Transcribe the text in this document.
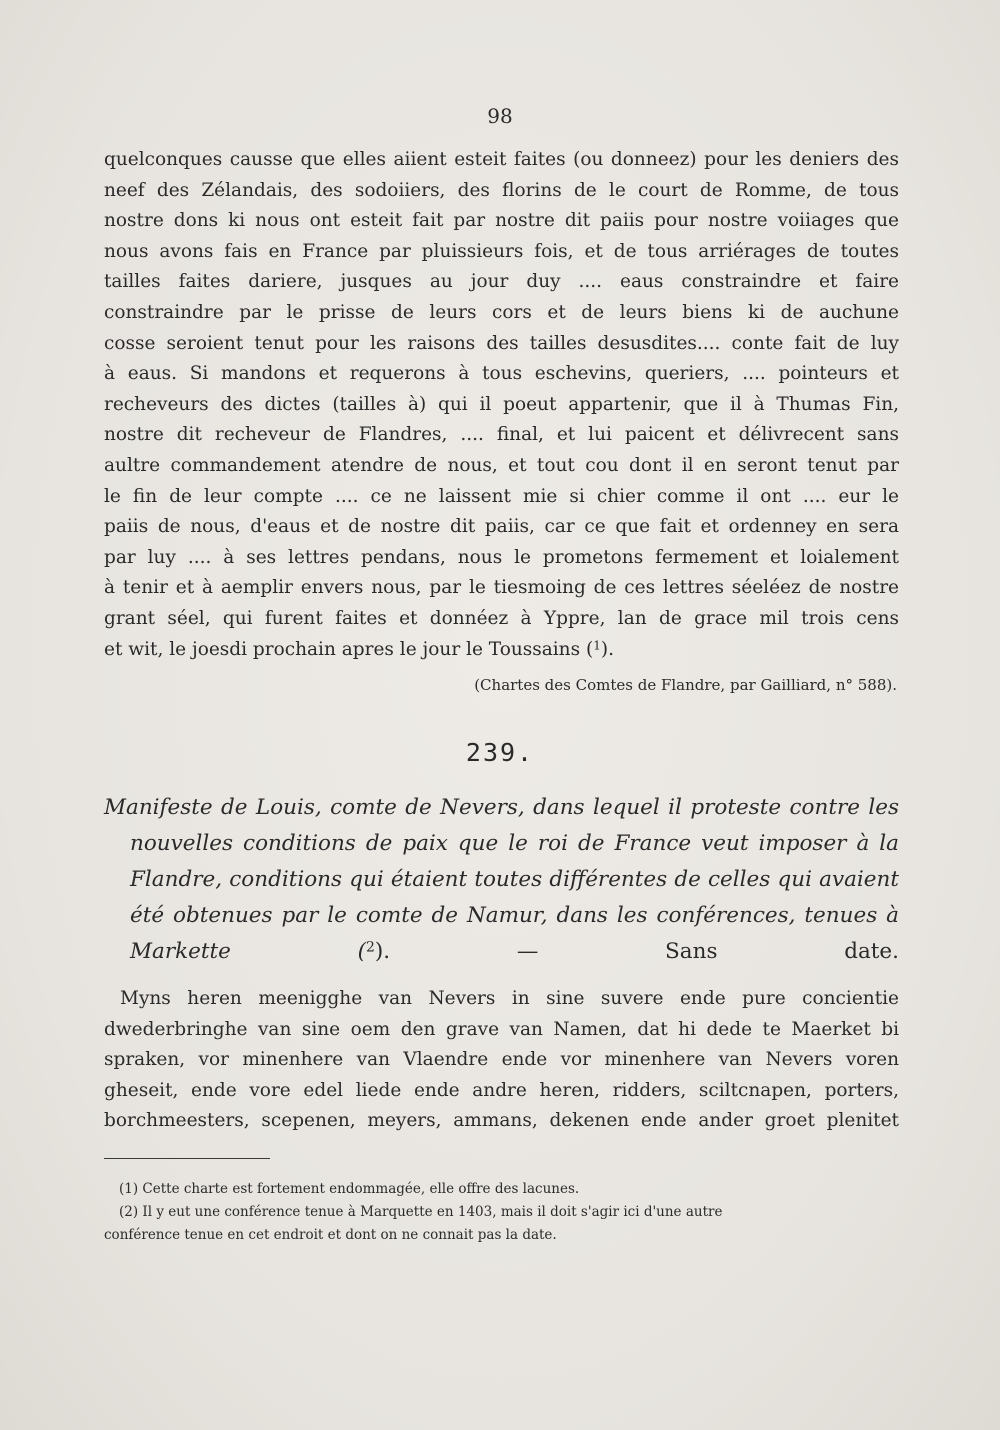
98
quelconques causse que elles aiient esteit faites (ou donneez) pour les deniers des
neef des Zélandais, des sodoiiers, des florins de le court de Romme, de tous
nostre dons ki nous ont esteit fait par nostre dit paiis pour nostre voiiages que
nous avons fais en France par pluissieurs fois, et de tous arriérages de toutes
tailles faites dariere, jusques au jour duy .... eaus constraindre et faire
constraindre par le prisse de leurs cors et de leurs biens ki de auchune
cosse seroient tenut pour les raisons des tailles desusdites.... conte fait de luy
à eaus. Si mandons et requerons à tous eschevins, queriers, .... pointeurs et
recheveurs des dictes (tailles à) qui il poeut appartenir, que il à Thumas Fin,
nostre dit recheveur de Flandres, .... final, et lui paicent et délivrecent sans
aultre commandement atendre de nous, et tout cou dont il en seront tenut par
le fin de leur compte .... ce ne laissent mie si chier comme il ont .... eur le
paiis de nous, d'eaus et de nostre dit paiis, car ce que fait et ordenney en sera
par luy .... à ses lettres pendans, nous le prometons fermement et loialement
à tenir et à aemplir envers nous, par le tiesmoing de ces lettres séeléez de nostre
grant séel, qui furent faites et donnéez à Yppre, lan de grace mil trois cens
et wit, le joesdi prochain apres le jour le Toussains ($^1$).
(Chartes des Comtes de Flandre, par Gailliard, n° 588).
239.
Manifeste de Louis, comte de Nevers, dans lequel il proteste contre les
nouvelles conditions de paix que le roi de France veut imposer à la
Flandre, conditions qui étaient toutes différentes de celles qui avaient
été obtenues par le comte de Namur, dans les conférences, tenues à
Markette ($^2$). — Sans date.
Myns heren meenigghe van Nevers in sine suvere ende pure concientie
dwederbringhe van sine oem den grave van Namen, dat hi dede te Maerket bi
spraken, vor minenhere van Vlaendre ende vor minenhere van Nevers voren
gheseit, ende vore edel liede ende andre heren, ridders, sciltcnapen, porters,
borchmeesters, scepenen, meyers, ammans, dekenen ende ander groet plenitet
(1) Cette charte est fortement endommagée, elle offre des lacunes.
(2) Il y eut une conférence tenue à Marquette en 1403, mais il doit s'agir ici d'une autre
conférence tenue en cet endroit et dont on ne connait pas la date.
